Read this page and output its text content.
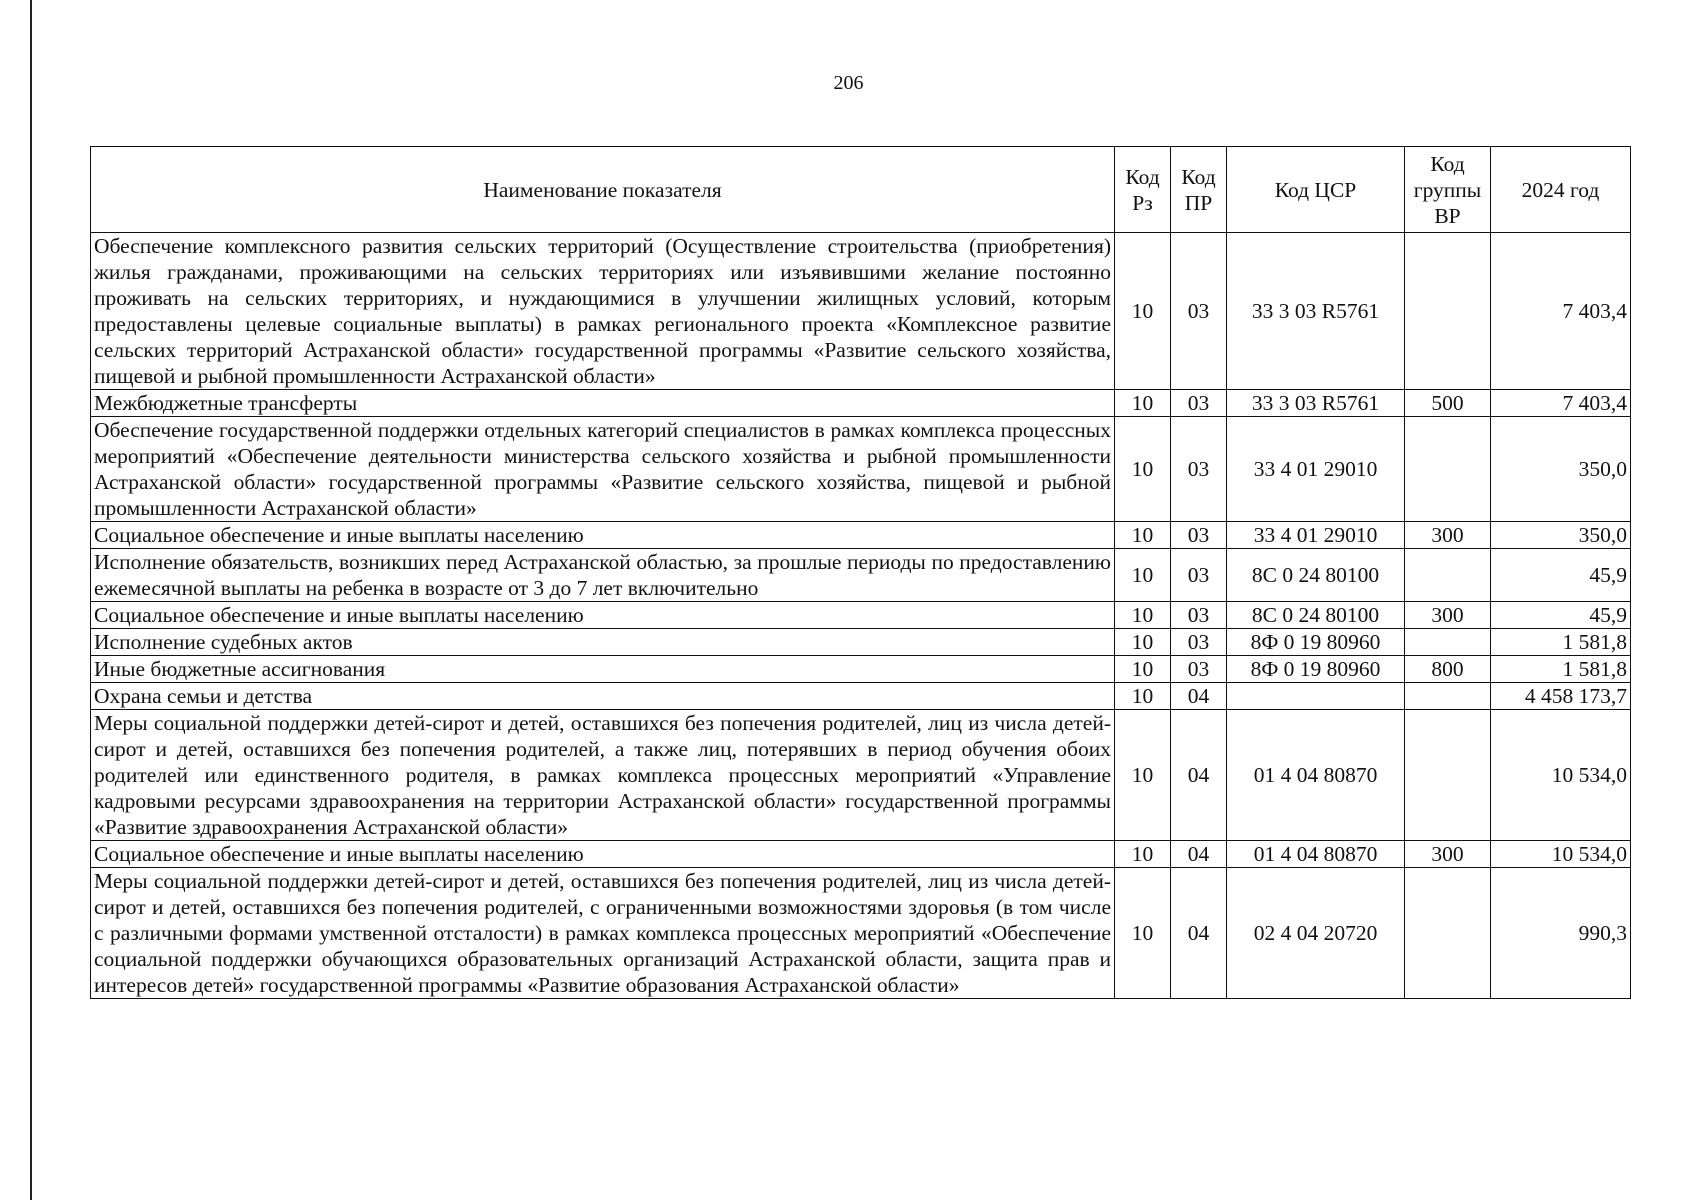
206
Наименование показателя	Код Рз	Код ПР	Код ЦСР	Код группы ВР	2024 год
Обеспечение комплексного развития сельских территорий (Осуществление строительства (приобретения) жилья гражданами, проживающими на сельских территориях или изъявившими желание постоянно проживать на сельских территориях, и нуждающимися в улучшении жилищных условий, которым предоставлены целевые социальные выплаты) в рамках регионального проекта «Комплексное развитие сельских территорий Астраханской области» государственной программы «Развитие сельского хозяйства, пищевой и рыбной промышленности Астраханской области»	10	03	33 3 03 R5761		7 403,4
Межбюджетные трансферты	10	03	33 3 03 R5761	500	7 403,4
Обеспечение государственной поддержки отдельных категорий специалистов в рамках комплекса процессных мероприятий «Обеспечение деятельности министерства сельского хозяйства и рыбной промышленности Астраханской области» государственной программы «Развитие сельского хозяйства, пищевой и рыбной промышленности Астраханской области»	10	03	33 4 01 29010		350,0
Социальное обеспечение и иные выплаты населению	10	03	33 4 01 29010	300	350,0
Исполнение обязательств, возникших перед Астраханской областью, за прошлые периоды по предоставлению ежемесячной выплаты на ребенка в возрасте от 3 до 7 лет включительно	10	03	8С 0 24 80100		45,9
Социальное обеспечение и иные выплаты населению	10	03	8С 0 24 80100	300	45,9
Исполнение судебных актов	10	03	8Ф 0 19 80960		1 581,8
Иные бюджетные ассигнования	10	03	8Ф 0 19 80960	800	1 581,8
Охрана семьи и детства	10	04			4 458 173,7
Меры социальной поддержки детей-сирот и детей, оставшихся без попечения родителей, лиц из числа детей-сирот и детей, оставшихся без попечения родителей, а также лиц, потерявших в период обучения обоих родителей или единственного родителя, в рамках комплекса процессных мероприятий «Управление кадровыми ресурсами здравоохранения на территории Астраханской области» государственной программы «Развитие здравоохранения Астраханской области»	10	04	01 4 04 80870		10 534,0
Социальное обеспечение и иные выплаты населению	10	04	01 4 04 80870	300	10 534,0
Меры социальной поддержки детей-сирот и детей, оставшихся без попечения родителей, лиц из числа детей-сирот и детей, оставшихся без попечения родителей, с ограниченными возможностями здоровья (в том числе с различными формами умственной отсталости) в рамках комплекса процессных мероприятий «Обеспечение социальной поддержки обучающихся образовательных организаций Астраханской области, защита прав и интересов детей» государственной программы «Развитие образования Астраханской области»	10	04	02 4 04 20720		990,3
